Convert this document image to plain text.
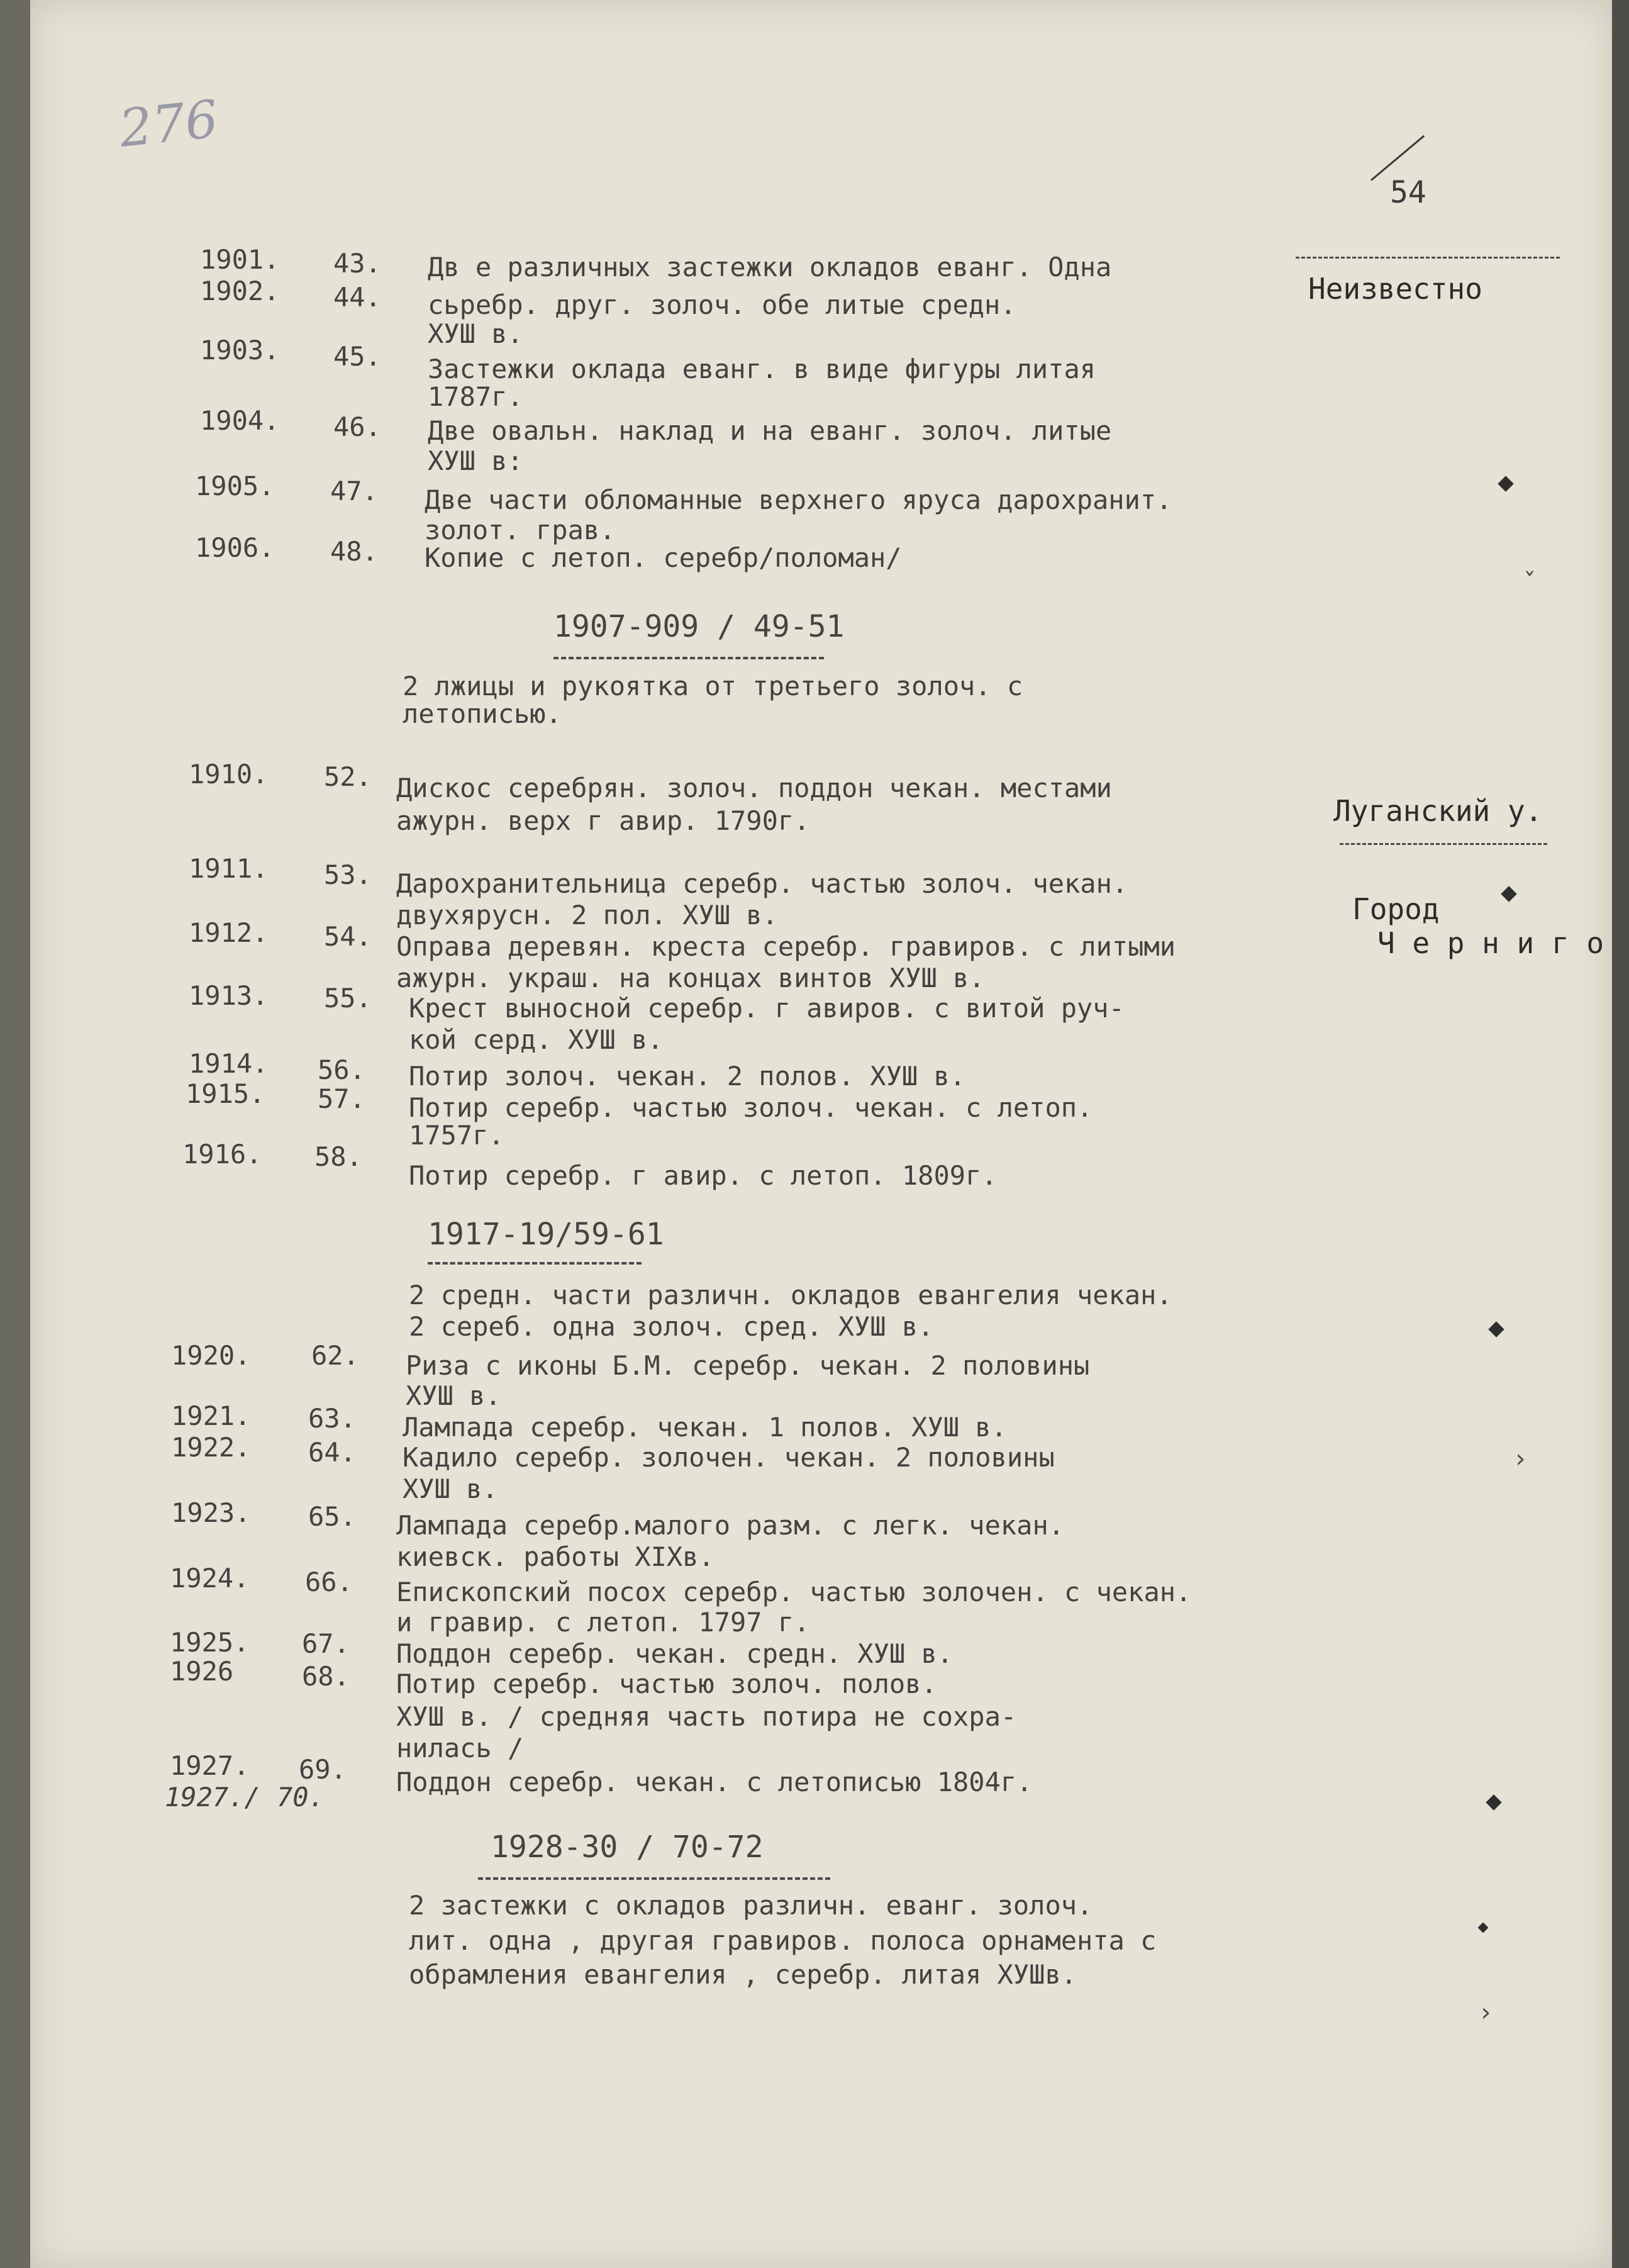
276
54
Неизвестно
Луганский у.
Город
Ч е р н и г о
1901. 43. Дв е различных застежки окладов еванг. Одна
1902. 44. сьребр. друг. золоч. обе литые средн.
ХУШ в.
1903. 45. Застежки оклада еванг. в виде фигуры литая
1787г.
1904. 46. Две овальн. наклад и на еванг. золоч. литые
ХУШ в:
1905. 47. Две части обломанные верхнего яруса дарохранит.
золот. грав.
1906. 48. Копие с летоп. серебр/поломан/
1907-909 / 49-51
2 лжицы и рукоятка от третьего золоч. с
летописью.
1910. 52. Дискос серебрян. золоч. поддон чекан. местами
ажурн. верх г авир. 1790г.
1911. 53. Дарохранительница серебр. частью золоч. чекан.
двухярусн. 2 пол. ХУШ в.
1912. 54. Оправа деревян. креста серебр. гравиров. с литыми
ажурн. украш. на концах винтов ХУШ в.
1913. 55. Крест выносной серебр. г авиров. с витой руч-
кой серд. ХУШ в.
1914. 56. Потир золоч. чекан. 2 полов. ХУШ в.
1915. 57. Потир серебр. частью золоч. чекан. с летоп.
1757г.
1916. 58.
Потир серебр. г авир. с летоп. 1809г.
1917-19/59-61
2 средн. части различн. окладов евангелия чекан.
2 сереб. одна золоч. сред. ХУШ в.
1920. 62. Риза с иконы Б.М. серебр. чекан. 2 половины
ХУШ в.
1921. 63. Лампада серебр. чекан. 1 полов. ХУШ в.
1922. 64. Кадило серебр. золочен. чекан. 2 половины
ХУШ в.
1923. 65. Лампада серебр.малого разм. с легк. чекан.
киевск. работы XIXв.
1924. 66. Епископский посох серебр. частью золочен. с чекан.
и гравир. с летоп. 1797 г.
1925. 67. Поддон серебр. чекан. средн. ХУШ в.
1926	68. Потир серебр. частью золоч. полов.
ХУШ в. / средняя часть потира не сохра-
нилась /
1927. 69. Поддон серебр. чекан. с летописью 1804г.
1927./ 70.
1928-30 / 70-72
2 застежки с окладов различн. еванг. золоч.
лит. одна , другая гравиров. полоса орнамента с
обрамления евангелия , серебр. литая ХУШв.
ˇ
›
›
